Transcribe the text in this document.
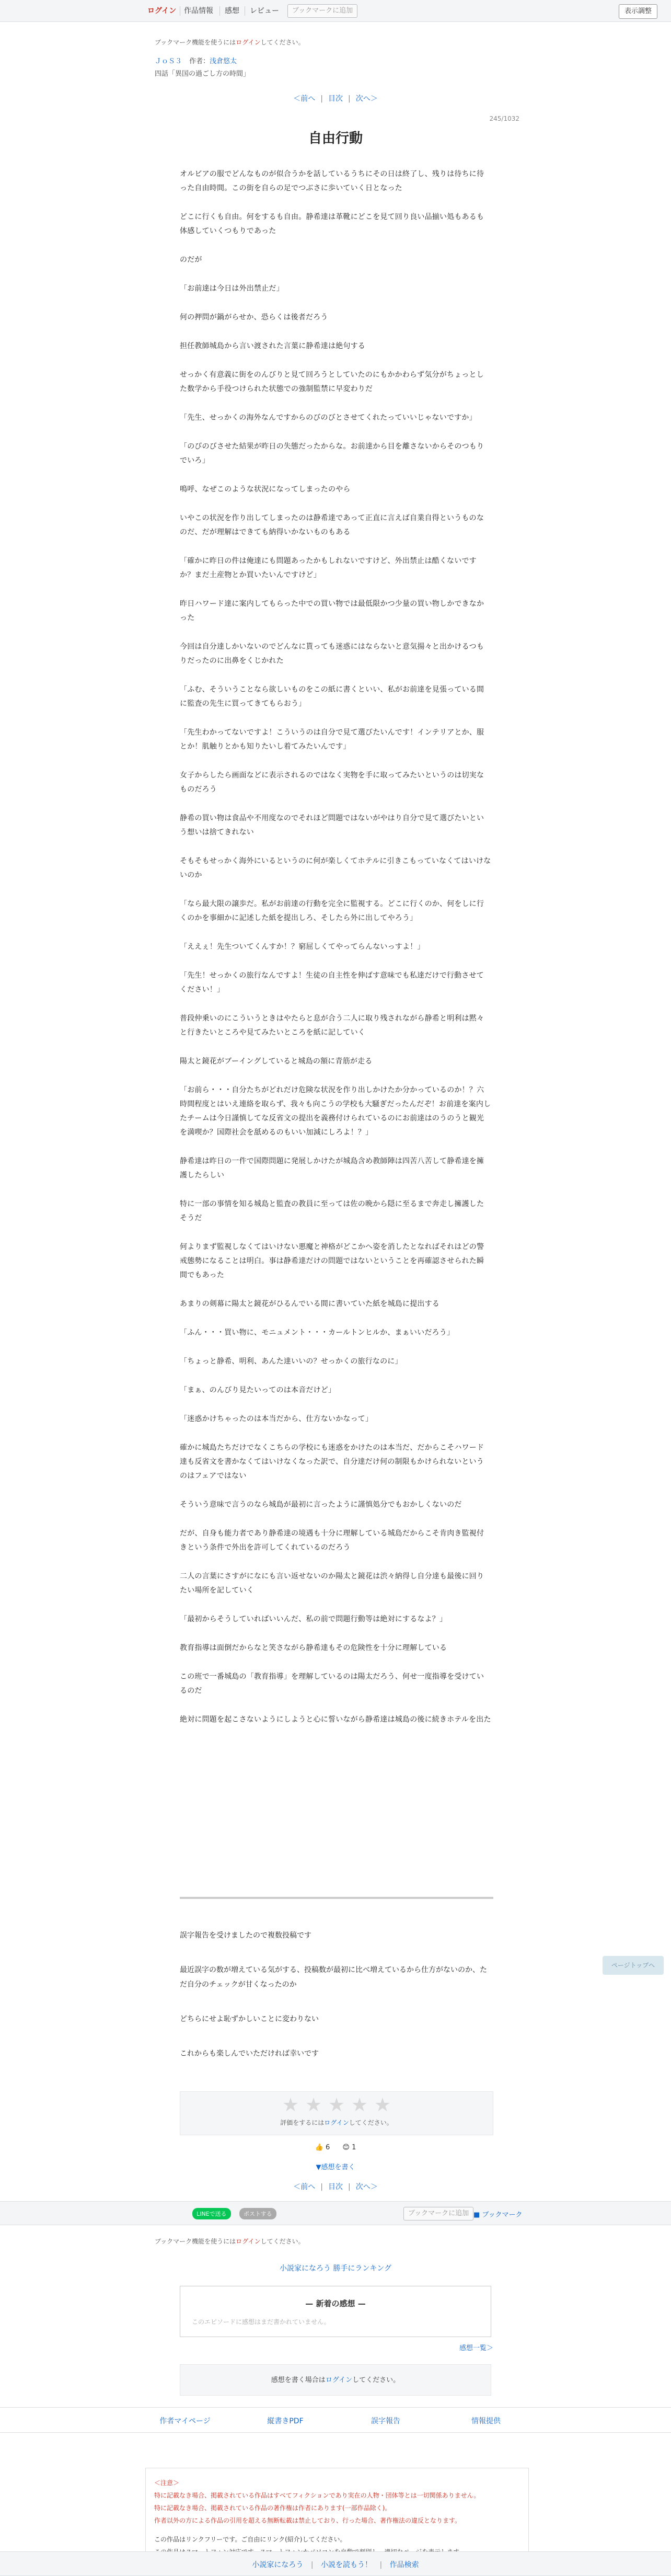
ログイン 作品情報 感想 レビュー	ブックマークに追加	表示調整
ブックマーク機能を使うにはログインしてください。
ＪｏＳ３ 作者：浅倉悠太
四話「異国の過ごし方の時間」
＜前へ | 目次 | 次へ＞
245/1032
自由行動

オルビアの服でどんなものが似合うかを話しているうちにその日は終了し、残りは待ちに待った自由時間。この街を自らの足でつぶさに歩いていく日となった

どこに行くも自由。何をするも自由。静希達は革靴にどこを見て回り良い品揃い処もあるも体感していくつもりであった

のだが

「お前達は今日は外出禁止だ」

何の押問が鍋がらせか、恐らくは後者だろう

担任教師城島から言い渡された言葉に静希達は絶句する

せっかく有意義に街をのんびりと見て回ろうとしていたのにもかかわらず気分がちょっとした数学から手役つけられた状態での強制監禁に早変わりだ

「先生、せっかくの海外なんですからのびのびとさせてくれたっていいじゃないですか」

「のびのびさせた結果が昨日の失態だったからな。お前達から目を離さないからそのつもりでいろ」

鳴呼、なぜこのような状況になってしまったのやら

いやこの状況を作り出してしまったのは静希達であって正直に言えば自業自得というものなのだ、だが理解はできても納得いかないものもある

「確かに昨日の件は俺達にも問題あったかもしれないですけど、外出禁止は酷くないですか？まだ土産物とか買いたいんですけど」

昨日ハワード達に案内してもらった中での買い物では最低限かつ少量の買い物しかできなかった

今回は自分達しかいないのでどんなに貰っても迷惑にはならないと意気揚々と出かけるつもりだったのに出鼻をくじかれた

「ふむ、そういうことなら欲しいものをこの紙に書くといい、私がお前達を見張っている間に監査の先生に買ってきてもらおう」

「先生わかってないですよ！こういうのは自分で見て選びたいんです！インテリアとか、服とか！肌触りとかも知りたいし着てみたいんです」

女子からしたら画面などに表示されるのではなく実物を手に取ってみたいというのは切実なものだろう

静希の買い物は食品や不用度なのでそれほど問題ではないがやはり自分で見て選びたいという想いは捨てきれない

そもそもせっかく海外にいるというのに何が楽しくてホテルに引きこもっていなくてはいけないのか

「なら最大限の譲歩だ。私がお前達の行動を完全に監視する。どこに行くのか、何をしに行くのかを事細かに記述した紙を提出しろ、そしたら外に出してやろう」

「ええぇ！先生ついてくんすか！？窮屈しくてやってらんないっすよ！」

「先生！せっかくの旅行なんですよ！生徒の自主性を伸ばす意味でも私達だけで行動させてください！」

普段仲乗いのにこういうときはやたらと息が合う二人に取り残されながら静希と明利は黙々と行きたいところや見てみたいところを紙に記していく

陽太と鏡花がブーイングしていると城島の額に青筋が走る

「お前ら・・・自分たちがどれだけ危険な状況を作り出しかけたか分かっているのか！？六時間程度とはいえ連絡を取らず、我々も向こうの学校も大騒ぎだったんだぞ！お前達を案内したチームは今日謹慎してな反省文の提出を義務付けられているのにお前達はのうのうと観光を満喫か？国際社会を舐めるのもいい加減にしろよ！？」

静希達は昨日の一件で国際問題に発展しかけたが城島含め教師陣は四苦八苦して静希達を擁護したらしい

特に一部の事情を知る城島と監査の教員に至っては佐の晩から隠に至るまで奔走し擁護したそうだ

何よりまず監視しなくてはいけない悪魔と神格がどこかへ姿を消したとなればそれはどの警戒態勢になることは明白。事は静希達だけの問題ではないということを再確認させられた瞬間でもあった

あまりの剣幕に陽太と鏡花がひるんでいる間に書いていた紙を城島に提出する

「ふん・・・買い物に、モニュメント・・・カールトンヒルか、まぁいいだろう」

「ちょっと静希、明利、あんた達いいの？せっかくの旅行なのに」

「まぁ、のんびり見たいってのは本音だけど」

「迷惑かけちゃったのは本当だから、仕方ないかなって」

確かに城島たちだけでなくこちらの学校にも迷惑をかけたのは本当だ、だからこそハワード達も反省文を書かなくてはいけなくなった訳で、自分達だけ何の制限もかけられないというのはフェアではない

そういう意味で言うのなら城島が最初に言ったように謹慎処分でもおかしくないのだ

だが、自身も能力者であり静希達の境遇も十分に理解している城島だからこそ肯肉き監視付きという条件で外出を許可してくれているのだろう

二人の言葉にさすがになにも言い返せないのか陽太と鏡花は渋々納得し自分達も最後に回りたい場所を記していく

「最初からそうしていればいいんだ、私の前で問題行動等は絶対にするなよ？」

教育指導は面倒だからなと笑さながら静希達もその危険性を十分に理解している

この班で一番城島の「教育指導」を理解しているのは陽太だろう、何せ一度指導を受けているのだ

絶対に問題を起こさないようにしようと心に誓いながら静希達は城島の後に続きホテルを出た

誤字報告を受けましたので複数投稿です

最近誤字の数が増えている気がする、投稿数が最初に比べ増えているから仕方がないのか、ただ自分のチェックが甘くなったのか

どちらにせよ恥ずかしいことに変わりない

これからも楽しんでいただければ幸いです

★ ★ ★ ★ ★
評価をするにはログインしてください。
👍 6 😊 1
▼感想を書く
＜前へ | 目次 | 次へ＞
LINEで送る	ポストする	ブックマークに追加 ■ ブックマーク
ブックマーク機能を使うにはログインしてください。
小説家になろう 勝手にランキング
— 新着の感想 —
このエピソードに感想はまだ書かれていません。
感想一覧＞
感想を書く場合はログインしてください。
作者マイページ	縦書きPDF	誤字報告	情報提供
＜注意＞
特に記載なき場合、掲載されている作品はすべてフィクションであり実在の人物・団体等とは一切関係ありません。
特に記載なき場合、掲載されている作品の著作権は作者にあります(一部作品除く)。
作者以外の方による作品の引用を超える無断転載は禁止しており、行った場合、著作権法の違反となります。
この作品はリンクフリーです。ご自由にリンク(紹介)してください。
小説家になろう | 小説を読もう！ | 作品検索
ページトップへ
